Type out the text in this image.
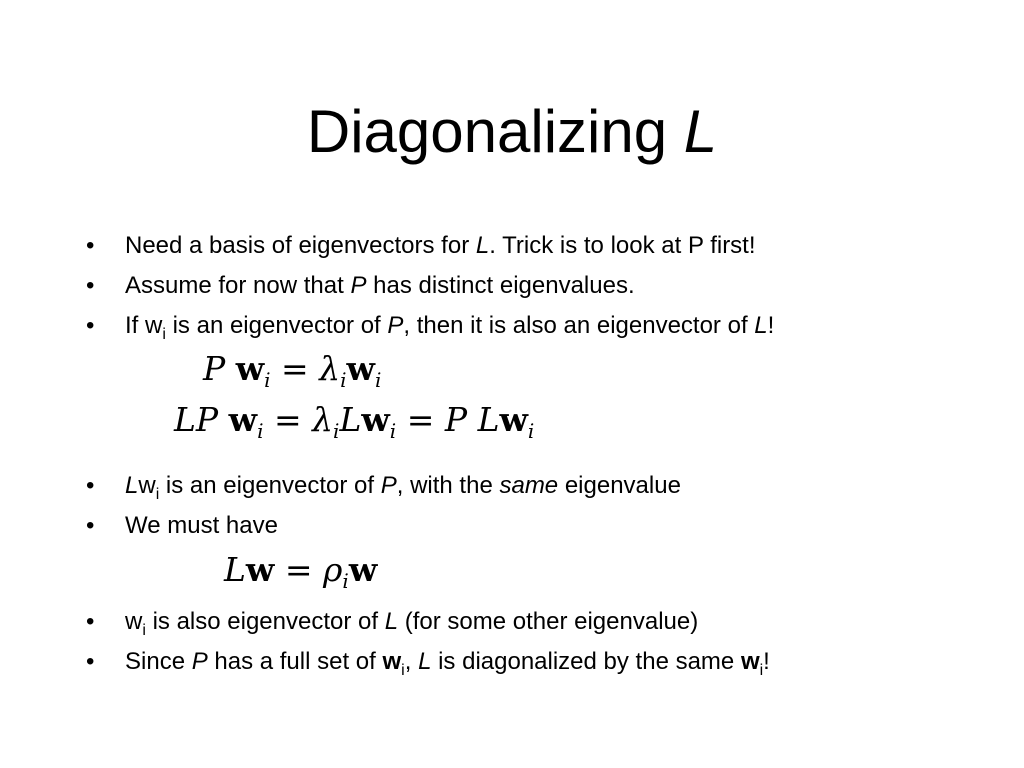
Diagonalizing L
• Need a basis of eigenvectors for L. Trick is to look at P first!
• Assume for now that P has distinct eigenvalues.
• If $w_i$ is an eigenvector of P, then it is also an eigenvector of L!
P $w_i = \lambda_iw_i$
LP $w_i = \lambda_iLw_i = P$ $Lw_i$
• $Lw_i$ is an eigenvector of P, with the same eigenvalue
• We must have
$Lw = \rho_iw$
• $w_i$ is also eigenvector of L (for some other eigenvalue)
• Since P has a full set of $w_i$, L is diagonalized by the same $w_i$!
